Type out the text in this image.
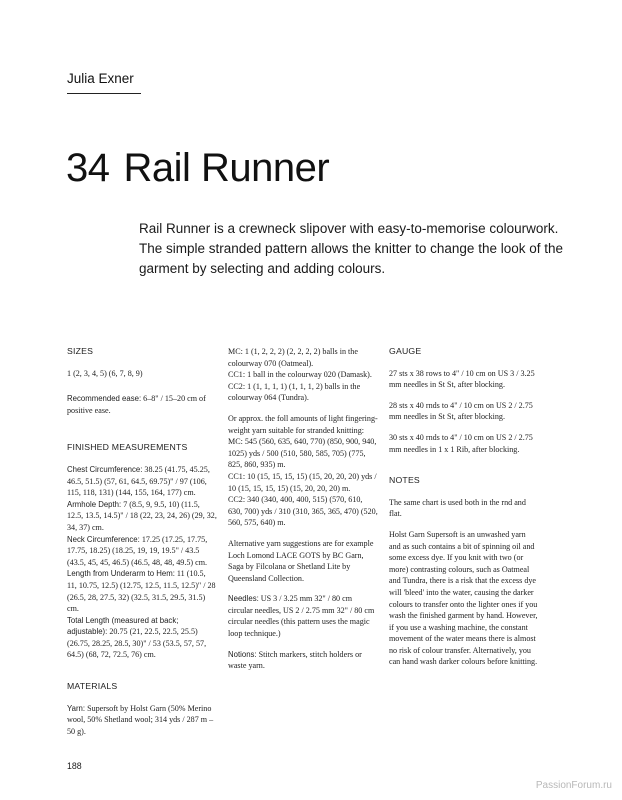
Julia Exner
34 Rail Runner

Rail Runner is a crewneck slipover with easy-to-memorise colourwork. The simple stranded pattern allows the knitter to change the look of the garment by selecting and adding colours.

SIZES

1 (2, 3, 4, 5) (6, 7, 8, 9)

Recommended ease: 6–8" / 15–20 cm of positive ease.

FINISHED MEASUREMENTS

Chest Circumference: 38.25 (41.75, 45.25, 46.5, 51.5) (57, 61, 64.5, 69.75)" / 97 (106, 115, 118, 131) (144, 155, 164, 177) cm.

Armhole Depth: 7 (8.5, 9, 9.5, 10) (11.5, 12.5, 13.5, 14.5)" / 18 (22, 23, 24, 26) (29, 32, 34, 37) cm.

Neck Circumference: 17.25 (17.25, 17.75, 17.75, 18.25) (18.25, 19, 19, 19.5" / 43.5 (43.5, 45, 45, 46.5) (46.5, 48, 48, 49.5) cm.

Length from Underarm to Hem: 11 (10.5, 11, 10.75, 12.5) (12.75, 12.5, 11.5, 12.5)" / 28 (26.5, 28, 27.5, 32) (32.5, 31.5, 29.5, 31.5) cm.

Total Length (measured at back; adjustable): 20.75 (21, 22.5, 22.5, 25.5) (26.75, 28.25, 28.5, 30)" / 53 (53.5, 57, 57, 64.5) (68, 72, 72.5, 76) cm.

MATERIALS

Yarn: Supersoft by Holst Garn (50% Merino wool, 50% Shetland wool; 314 yds / 287 m – 50 g).

MC: 1 (1, 2, 2, 2) (2, 2, 2, 2) balls in the colourway 070 (Oatmeal).

CC1: 1 ball in the colourway 020 (Damask).

CC2: 1 (1, 1, 1, 1) (1, 1, 1, 2) balls in the colourway 064 (Tundra).

Or approx. the foll amounts of light fingering-weight yarn suitable for stranded knitting:

MC: 545 (560, 635, 640, 770) (850, 900, 940, 1025) yds / 500 (510, 580, 585, 705) (775, 825, 860, 935) m.

CC1: 10 (15, 15, 15, 15) (15, 20, 20, 20) yds / 10 (15, 15, 15, 15) (15, 20, 20, 20) m.

CC2: 340 (340, 400, 400, 515) (570, 610, 630, 700) yds / 310 (310, 365, 365, 470) (520, 560, 575, 640) m.

Alternative yarn suggestions are for example Loch Lomond LACE GOTS by BC Garn, Saga by Filcolana or Shetland Lite by Queensland Collection.

Needles: US 3 / 3.25 mm 32" / 80 cm circular needles, US 2 / 2.75 mm 32" / 80 cm circular needles (this pattern uses the magic loop technique.)

Notions: Stitch markers, stitch holders or waste yarn.

GAUGE

27 sts x 38 rows to 4" / 10 cm on US 3 / 3.25 mm needles in St St, after blocking.

28 sts x 40 rnds to 4" / 10 cm on US 2 / 2.75 mm needles in St St, after blocking.

30 sts x 40 rnds to 4" / 10 cm on US 2 / 2.75 mm needles in 1 x 1 Rib, after blocking.

NOTES

The same chart is used both in the rnd and flat.

Holst Garn Supersoft is an unwashed yarn and as such contains a bit of spinning oil and some excess dye. If you knit with two (or more) contrasting colours, such as Oatmeal and Tundra, there is a risk that the excess dye will 'bleed' into the water, causing the darker colours to transfer onto the lighter ones if you wash the finished garment by hand. However, if you use a washing machine, the constant movement of the water means there is almost no risk of colour transfer. Alternatively, you can hand wash darker colours before knitting.

188
PassionForum.ru
